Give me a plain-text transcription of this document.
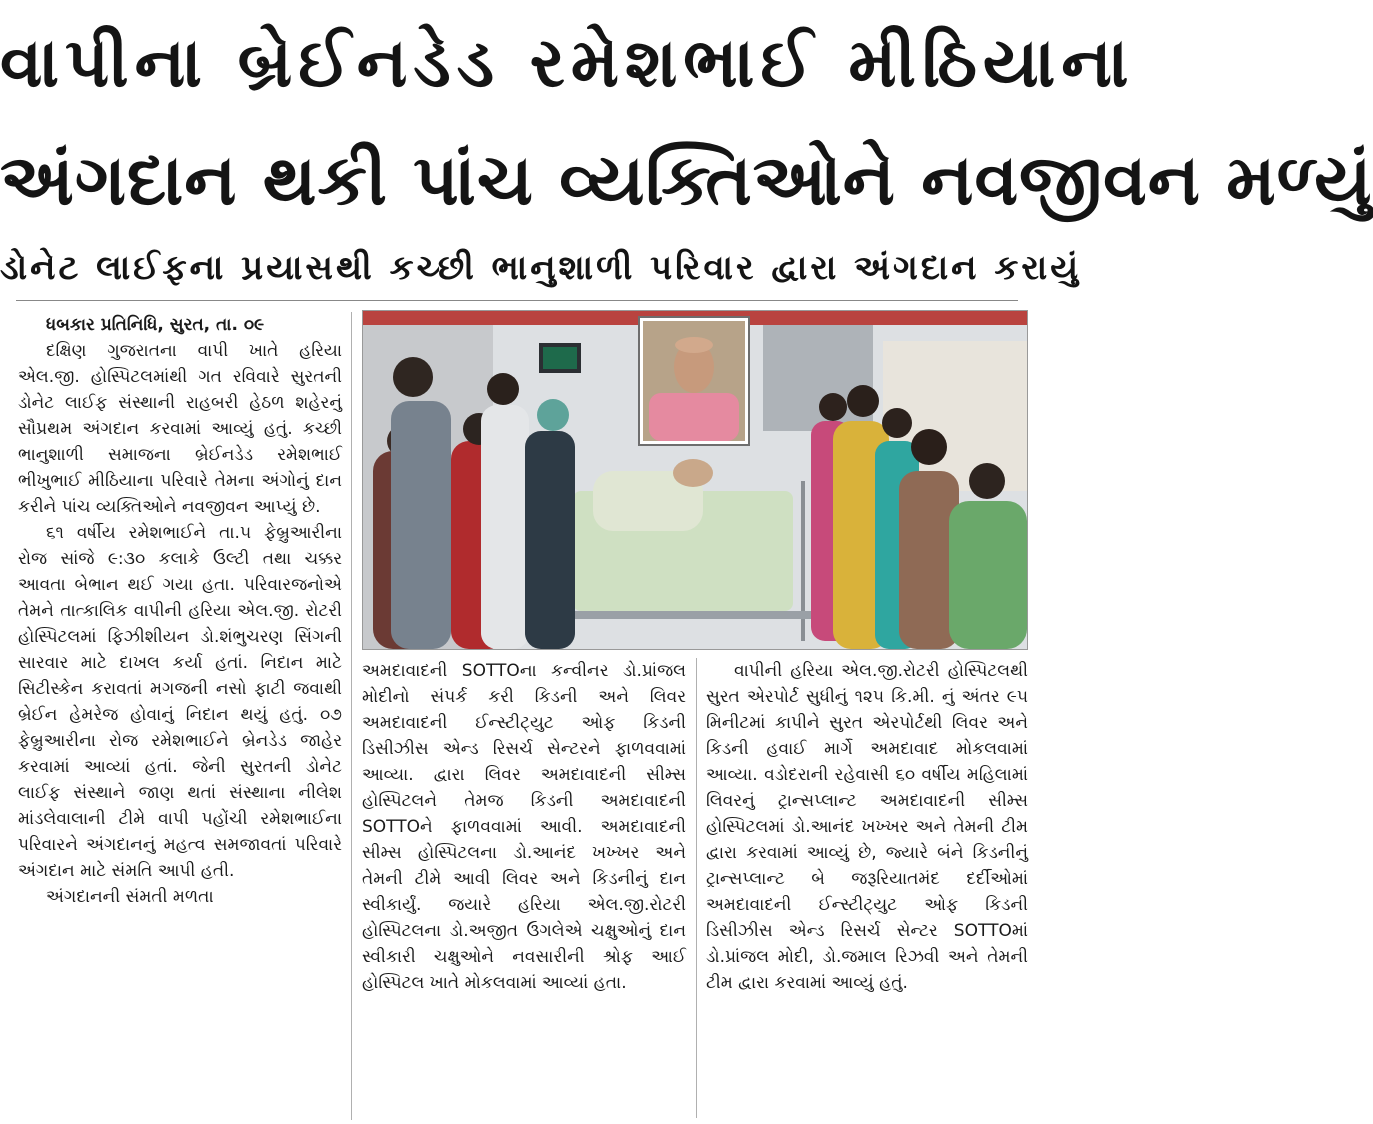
વાપીના બ્રેઈનડેડ રમેશભાઈ મીઠિયાના
અંગદાન થકી પાંચ વ્યક્તિઓને નવજીવન મળ્યું
ડોનેટ લાઈફના પ્રયાસથી કચ્છી ભાનુશાળી પરિવાર દ્વારા અંગદાન કરાયું
ધબકાર પ્રતિનિધિ, સુરત, તા. ૦૯

દક્ષિણ ગુજરાતના વાપી ખાતે હરિયા એલ.જી. હોસ્પિટલમાંથી ગત રવિવારે સુરતની ડોનેટ લાઈફ સંસ્થાની રાહબરી હેઠળ શહેરનું સૌપ્રથમ અંગદાન કરવામાં આવ્યું હતું. કચ્છી ભાનુશાળી સમાજના બ્રેઈનડેડ રમેશભાઈ ભીખુભાઈ મીઠિયાના પરિવારે તેમના અંગોનું દાન કરીને પાંચ વ્યક્તિઓને નવજીવન આપ્યું છે.

૬૧ વર્ષીય રમેશભાઈને તા.૫ ફેબ્રુઆરીના રોજ સાંજે ૯:૩૦ કલાકે ઉલ્ટી તથા ચક્કર આવતા બેભાન થઈ ગયા હતા. પરિવારજનોએ તેમને તાત્કાલિક વાપીની હરિયા એલ.જી. રોટરી હોસ્પિટલમાં ફિઝીશીયન ડો.શંભુચરણ સિંગની સારવાર માટે દાખલ કર્યા હતાં. નિદાન માટે સિટીસ્કેન કરાવતાં મગજની નસો ફાટી જવાથી બ્રેઈન હેમરેજ હોવાનું નિદાન થયું હતું. ૦૭ ફેબ્રુઆરીના રોજ રમેશભાઈને બ્રેનડેડ જાહેર કરવામાં આવ્યાં હતાં. જેની સુરતની ડોનેટ લાઈફ સંસ્થાને જાણ થતાં સંસ્થાના નીલેશ માંડલેવાલાની ટીમે વાપી પહોંચી રમેશભાઈના પરિવારને અંગદાનનું મહત્વ સમજાવતાં પરિવારે અંગદાન માટે સંમતિ આપી હતી.

અંગદાનની સંમતી મળતા

અમદાવાદની SOTTOના કન્વીનર ડો.પ્રાંજલ મોદીનો સંપર્ક કરી કિડની અને લિવર અમદાવાદની ઈન્સ્ટીટ્યુટ ઓફ કિડની ડિસીઝીસ એન્ડ રિસર્ચ સેન્ટરને ફાળવવામાં આવ્યા. દ્વારા લિવર અમદાવાદની સીમ્સ હોસ્પિટલને તેમજ કિડની અમદાવાદની SOTTOને ફાળવવામાં આવી. અમદાવાદની સીમ્સ હોસ્પિટલના ડો.આનંદ ખખ્ખર અને તેમની ટીમે આવી લિવર અને કિડનીનું દાન સ્વીકાર્યું. જયારે હરિયા એલ.જી.રોટરી હોસ્પિટલના ડો.અજીત ઉગલેએ ચક્ષુઓનું દાન સ્વીકારી ચક્ષુઓને નવસારીની શ્રોફ આઈ હોસ્પિટલ ખાતે મોકલવામાં આવ્યાં હતા.

વાપીની હરિયા એલ.જી.રોટરી હોસ્પિટલથી સુરત એરપોર્ટ સુધીનું ૧૨૫ કિ.મી. નું અંતર ૯૫ મિનીટમાં કાપીને સુરત એરપોર્ટથી લિવર અને કિડની હવાઈ માર્ગે અમદાવાદ મોકલવામાં આવ્યા. વડોદરાની રહેવાસી ૬૦ વર્ષીય મહિલામાં લિવરનું ટ્રાન્સપ્લાન્ટ અમદાવાદની સીમ્સ હોસ્પિટલમાં ડો.આનંદ ખખ્ખર અને તેમની ટીમ દ્વારા કરવામાં આવ્યું છે, જ્યારે બંને કિડનીનું ટ્રાન્સપ્લાન્ટ બે જરૂરિયાતમંદ દર્દીઓમાં અમદાવાદની ઈન્સ્ટીટ્યુટ ઓફ કિડની ડિસીઝીસ એન્ડ રિસર્ચ સેન્ટર SOTTOમાં ડો.પ્રાંજલ મોદી, ડો.જમાલ રિઝવી અને તેમની ટીમ દ્વારા કરવામાં આવ્યું હતું.
